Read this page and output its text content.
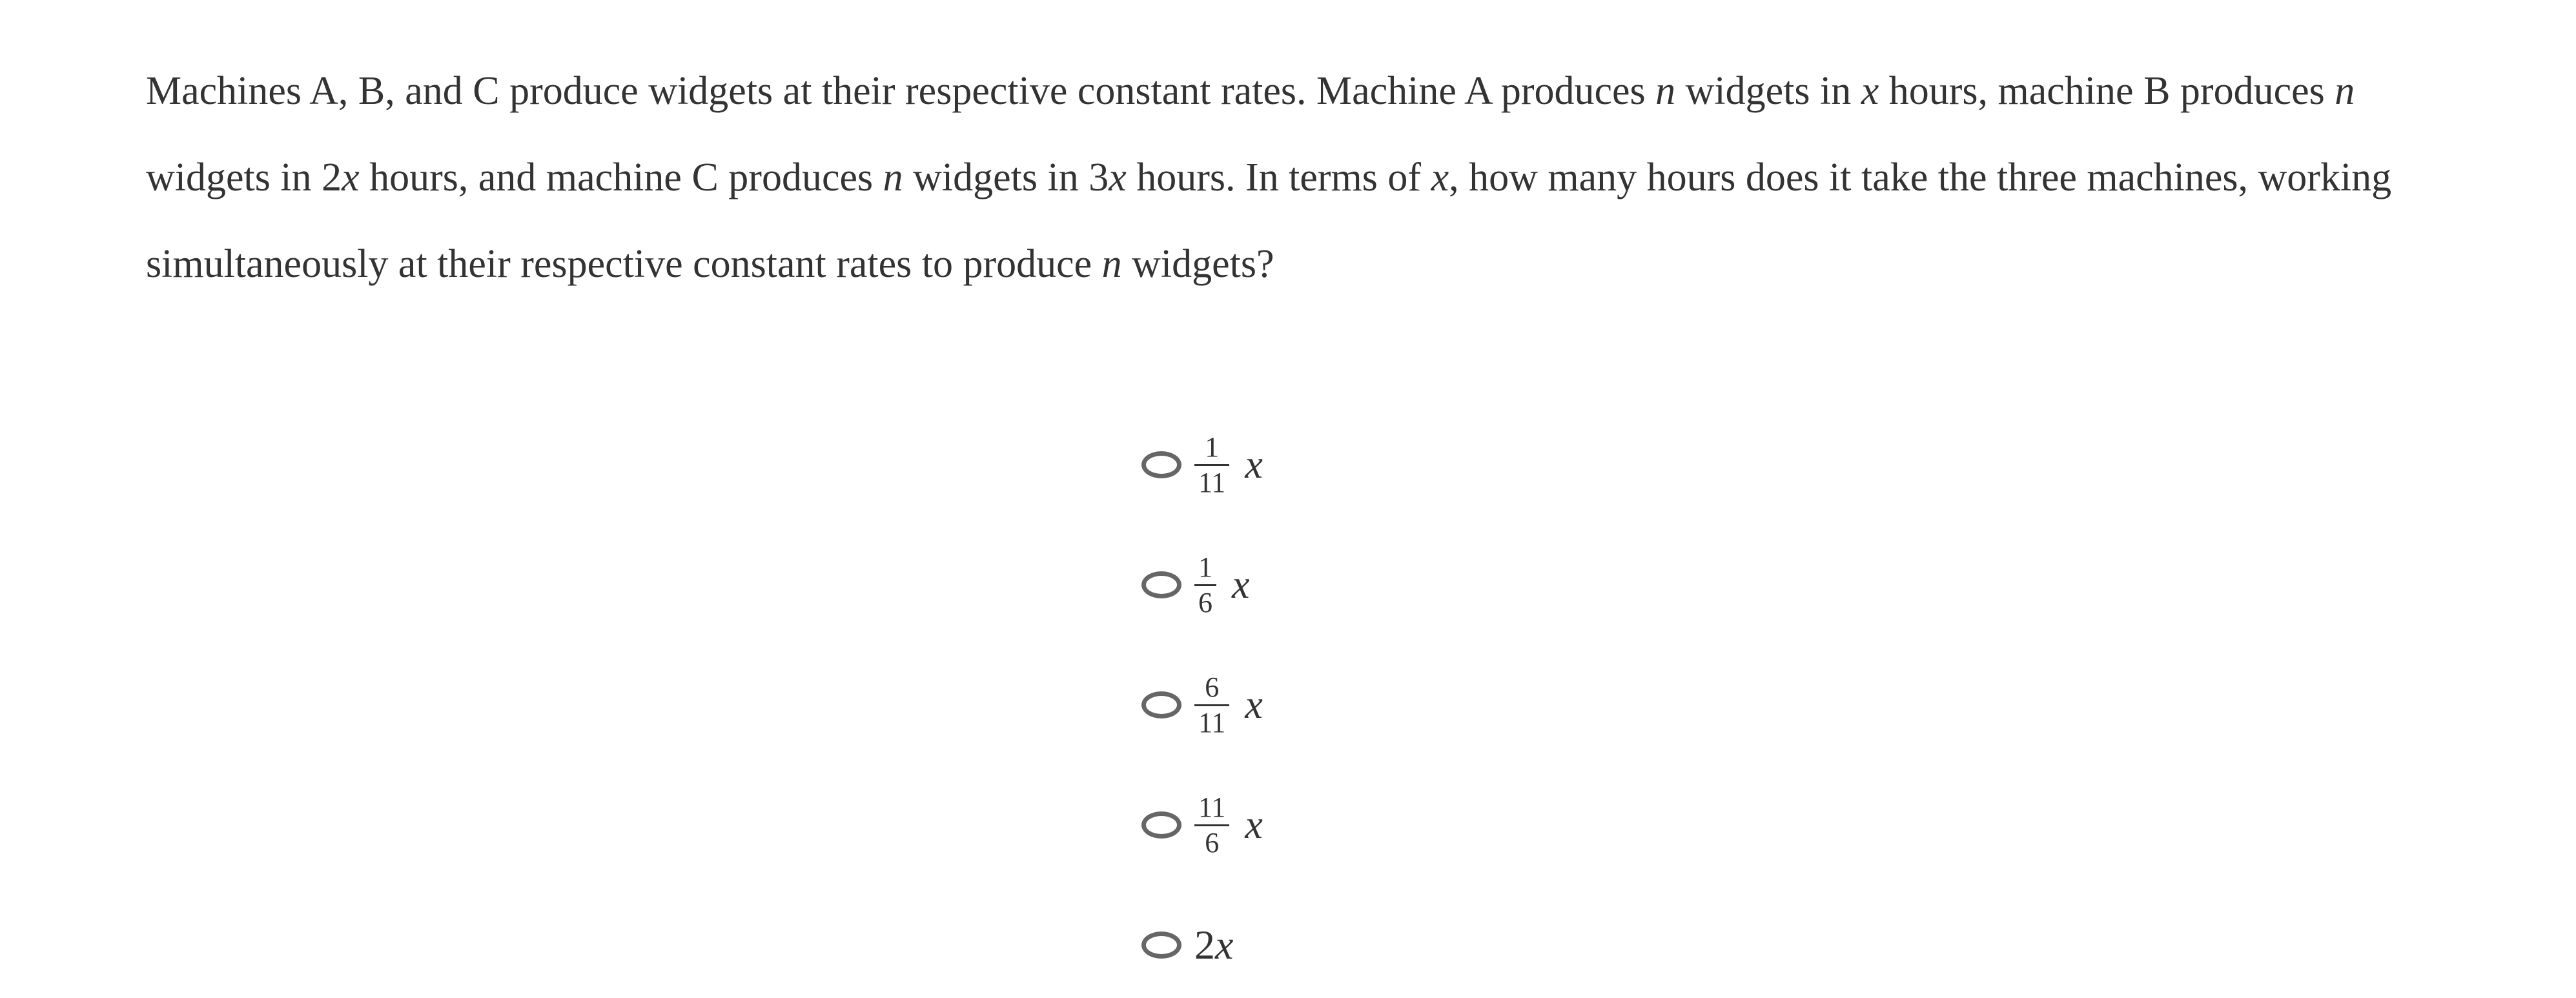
Machines A, B, and C produce widgets at their respective constant rates. Machine A produces n widgets in x hours, machine B produces n widgets in 2x hours, and machine C produces n widgets in 3x hours. In terms of x, how many hours does it take the three machines, working simultaneously at their respective constant rates to produce n widgets?

$\frac{1}{11}$ x
$\frac{1}{6}$ x
$\frac{6}{11}$ x
$\frac{11}{6}$ x
2x
